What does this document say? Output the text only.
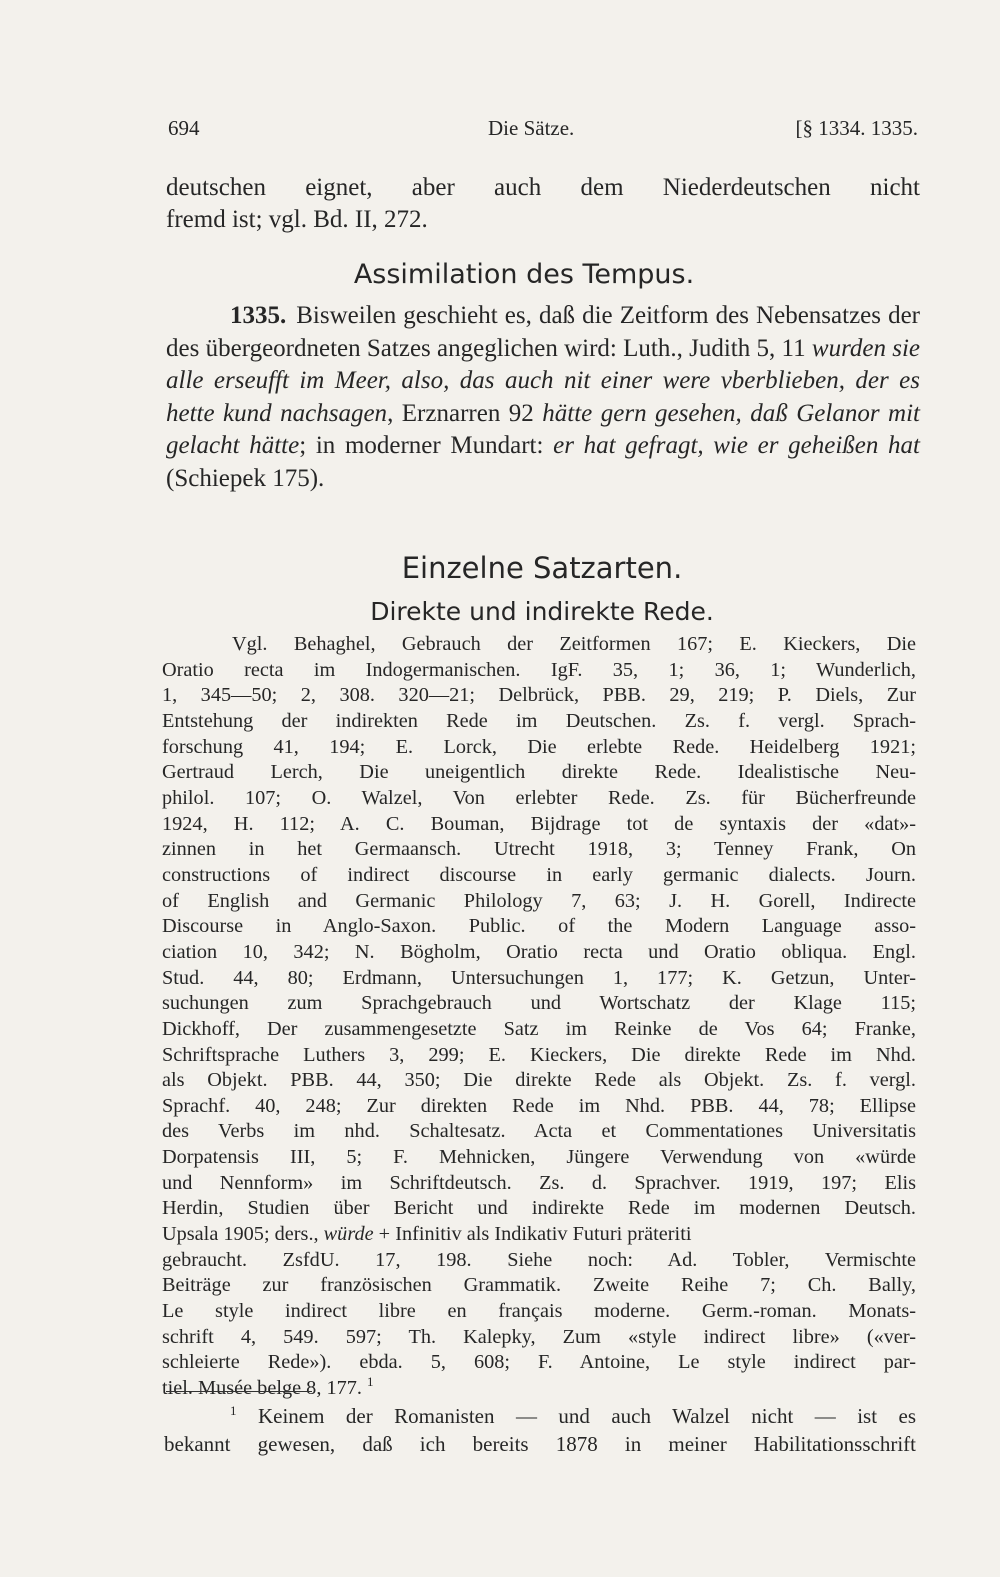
694	Die Sätze.	[§ 1334. 1335.
deutschen eignet, aber auch dem Niederdeutschen nicht
fremd ist; vgl. Bd. II, 272.
Assimilation des Tempus.
1335. Bisweilen geschieht es, daß die Zeitform des Nebensatzes der des übergeordneten Satzes angeglichen wird: Luth., Judith 5, 11 wurden sie alle erseufft im Meer, also, das auch nit einer were vberblieben, der es hette kund nachsagen, Erznarren 92 hätte gern gesehen, daß Gelanor mit gelacht hätte; in moderner Mundart: er hat gefragt, wie er geheißen hat (Schiepek 175).
Einzelne Satzarten.
Direkte und indirekte Rede.
Vgl. Behaghel, Gebrauch der Zeitformen 167; E. Kieckers, Die
Oratio recta im Indogermanischen. IgF. 35, 1; 36, 1; Wunderlich,
1, 345—50; 2, 308. 320—21; Delbrück, PBB. 29, 219; P. Diels, Zur
Entstehung der indirekten Rede im Deutschen. Zs. f. vergl. Sprach-
forschung 41, 194; E. Lorck, Die erlebte Rede. Heidelberg 1921;
Gertraud Lerch, Die uneigentlich direkte Rede. Idealistische Neu-
philol. 107; O. Walzel, Von erlebter Rede. Zs. für Bücherfreunde
1924, H. 112; A. C. Bouman, Bijdrage tot de syntaxis der «dat»-
zinnen in het Germaansch. Utrecht 1918, 3; Tenney Frank, On
constructions of indirect discourse in early germanic dialects. Journ.
of English and Germanic Philology 7, 63; J. H. Gorell, Indirecte
Discourse in Anglo-Saxon. Public. of the Modern Language asso-
ciation 10, 342; N. Bögholm, Oratio recta und Oratio obliqua. Engl.
Stud. 44, 80; Erdmann, Untersuchungen 1, 177; K. Getzun, Unter-
suchungen zum Sprachgebrauch und Wortschatz der Klage 115;
Dickhoff, Der zusammengesetzte Satz im Reinke de Vos 64; Franke,
Schriftsprache Luthers 3, 299; E. Kieckers, Die direkte Rede im Nhd.
als Objekt. PBB. 44, 350; Die direkte Rede als Objekt. Zs. f. vergl.
Sprachf. 40, 248; Zur direkten Rede im Nhd. PBB. 44, 78; Ellipse
des Verbs im nhd. Schaltesatz. Acta et Commentationes Universitatis
Dorpatensis III, 5; F. Mehnicken, Jüngere Verwendung von «würde
und Nennform» im Schriftdeutsch. Zs. d. Sprachver. 1919, 197; Elis
Herdin, Studien über Bericht und indirekte Rede im modernen Deutsch.
Upsala 1905; ders., würde + Infinitiv als Indikativ Futuri präteriti
gebraucht. ZsfdU. 17, 198. Siehe noch: Ad. Tobler, Vermischte
Beiträge zur französischen Grammatik. Zweite Reihe 7; Ch. Bally,
Le style indirect libre en français moderne. Germ.-roman. Monats-
schrift 4, 549. 597; Th. Kalepky, Zum «style indirect libre» («ver-
schleierte Rede»). ebda. 5, 608; F. Antoine, Le style indirect par-
tiel. Musée belge 8, 177. $^1$
$^1$ Keinem der Romanisten — und auch Walzel nicht — ist es
bekannt gewesen, daß ich bereits 1878 in meiner Habilitationsschrift
